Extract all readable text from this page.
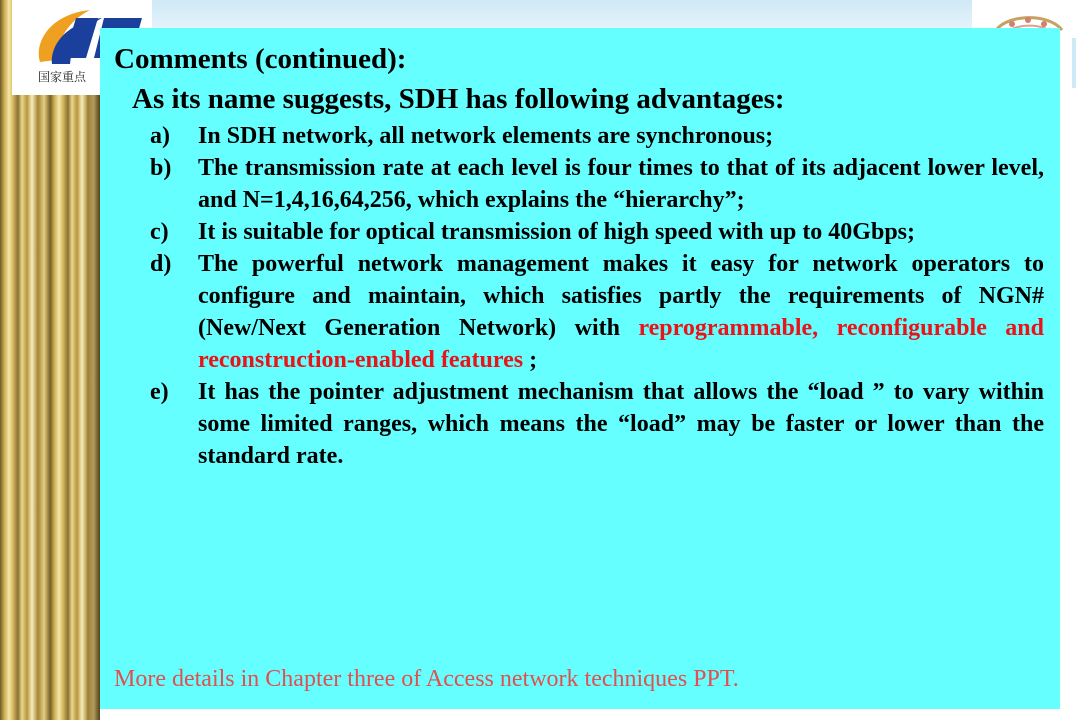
国家重点
Comments (continued):
As its name suggests, SDH has following advantages:
a)	In SDH network, all network elements are synchronous;
b)	The transmission rate at each level is four times to that of its adjacent lower level, and N=1,4,16,64,256, which explains the “hierarchy”;
c)	It is suitable for optical transmission of high speed with up to 40Gbps;
d)	The powerful network management makes it easy for network operators to configure and maintain, which satisfies partly the requirements of NGN# (New/Next Generation Network) with reprogrammable, reconfigurable and reconstruction-enabled features ;
e)	It has the pointer adjustment mechanism that allows the “load ” to vary within some limited ranges, which means the “load” may be faster or lower than the standard rate.
More details in Chapter three of Access network techniques PPT.
